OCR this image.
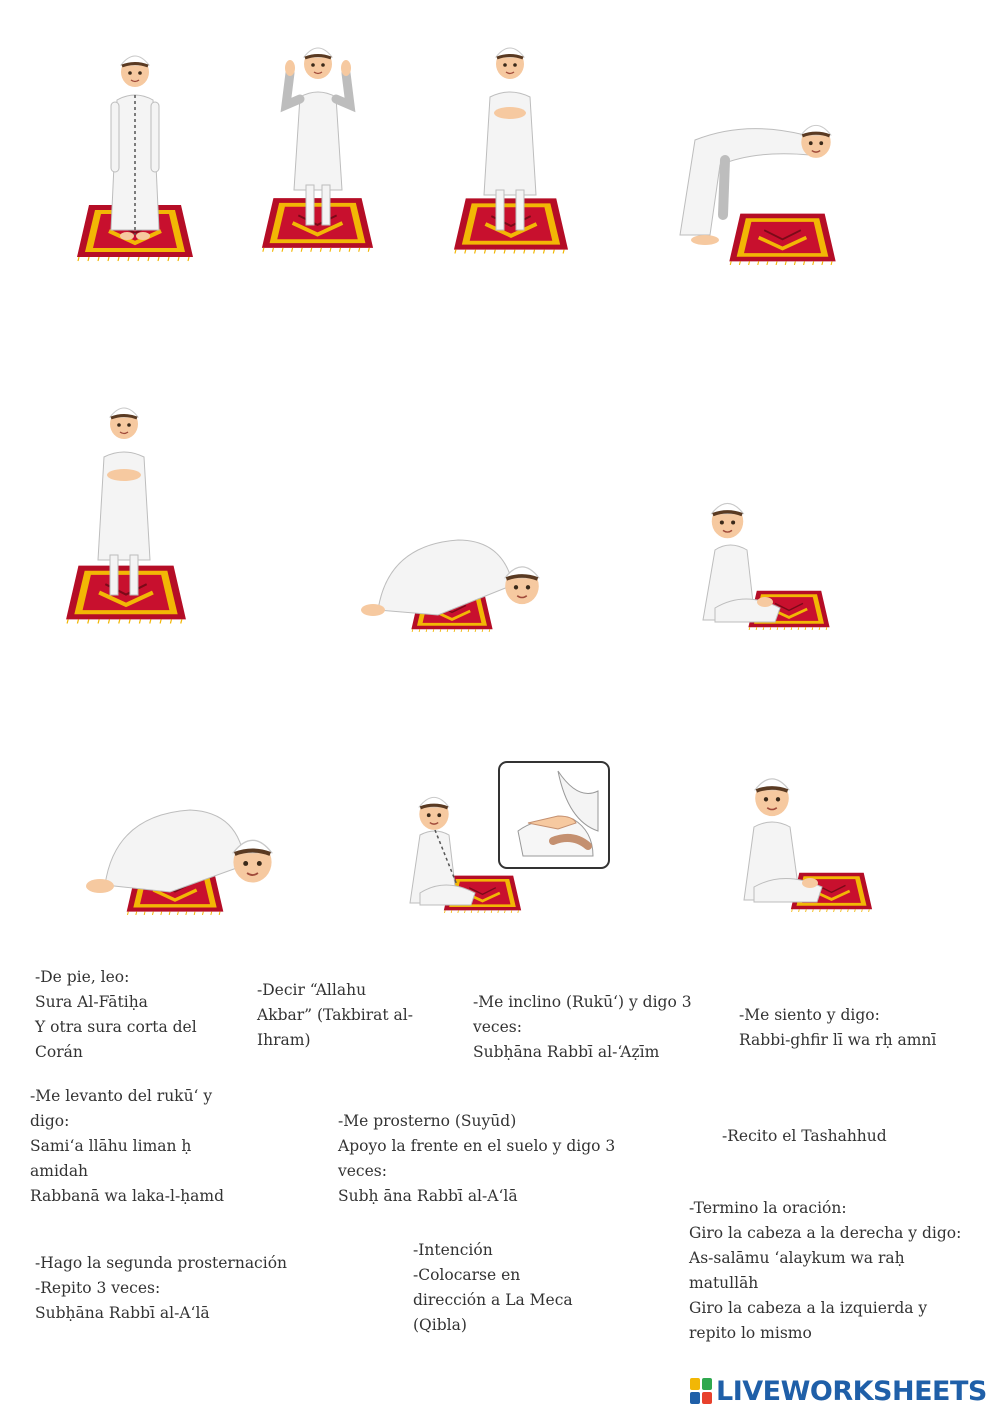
-De pie, leo:
Sura Al-Fātiḥa
Y otra sura corta del
Corán
-Decir “Allahu
Akbar” (Takbirat al-
Ihram)
-Me inclino (Rukū‘) y digo 3
veces:
Subḥāna Rabbī al-‘Aẓīm
-Me siento y digo:
Rabbi-ghfir lī wa rḥ amnī
-Me levanto del rukū‘ y
digo:
Sami‘a llāhu liman ḥ
amidah
Rabbanā wa laka-l-ḥamd
-Me prosterno (Suyūd)
Apoyo la frente en el suelo y digo 3
veces:
Subḥ āna Rabbī al-A‘lā
-Recito el Tashahhud
-Termino la oración:
Giro la cabeza a la derecha y digo:
As-salāmu ‘alaykum wa raḥ
matullāh
Giro la cabeza a la izquierda y
repito lo mismo
-Hago la segunda prosternación
-Repito 3 veces:
Subḥāna Rabbī al-A‘lā
-Intención
-Colocarse en
dirección a La Meca
(Qibla)
LIVEWORKSHEETS
